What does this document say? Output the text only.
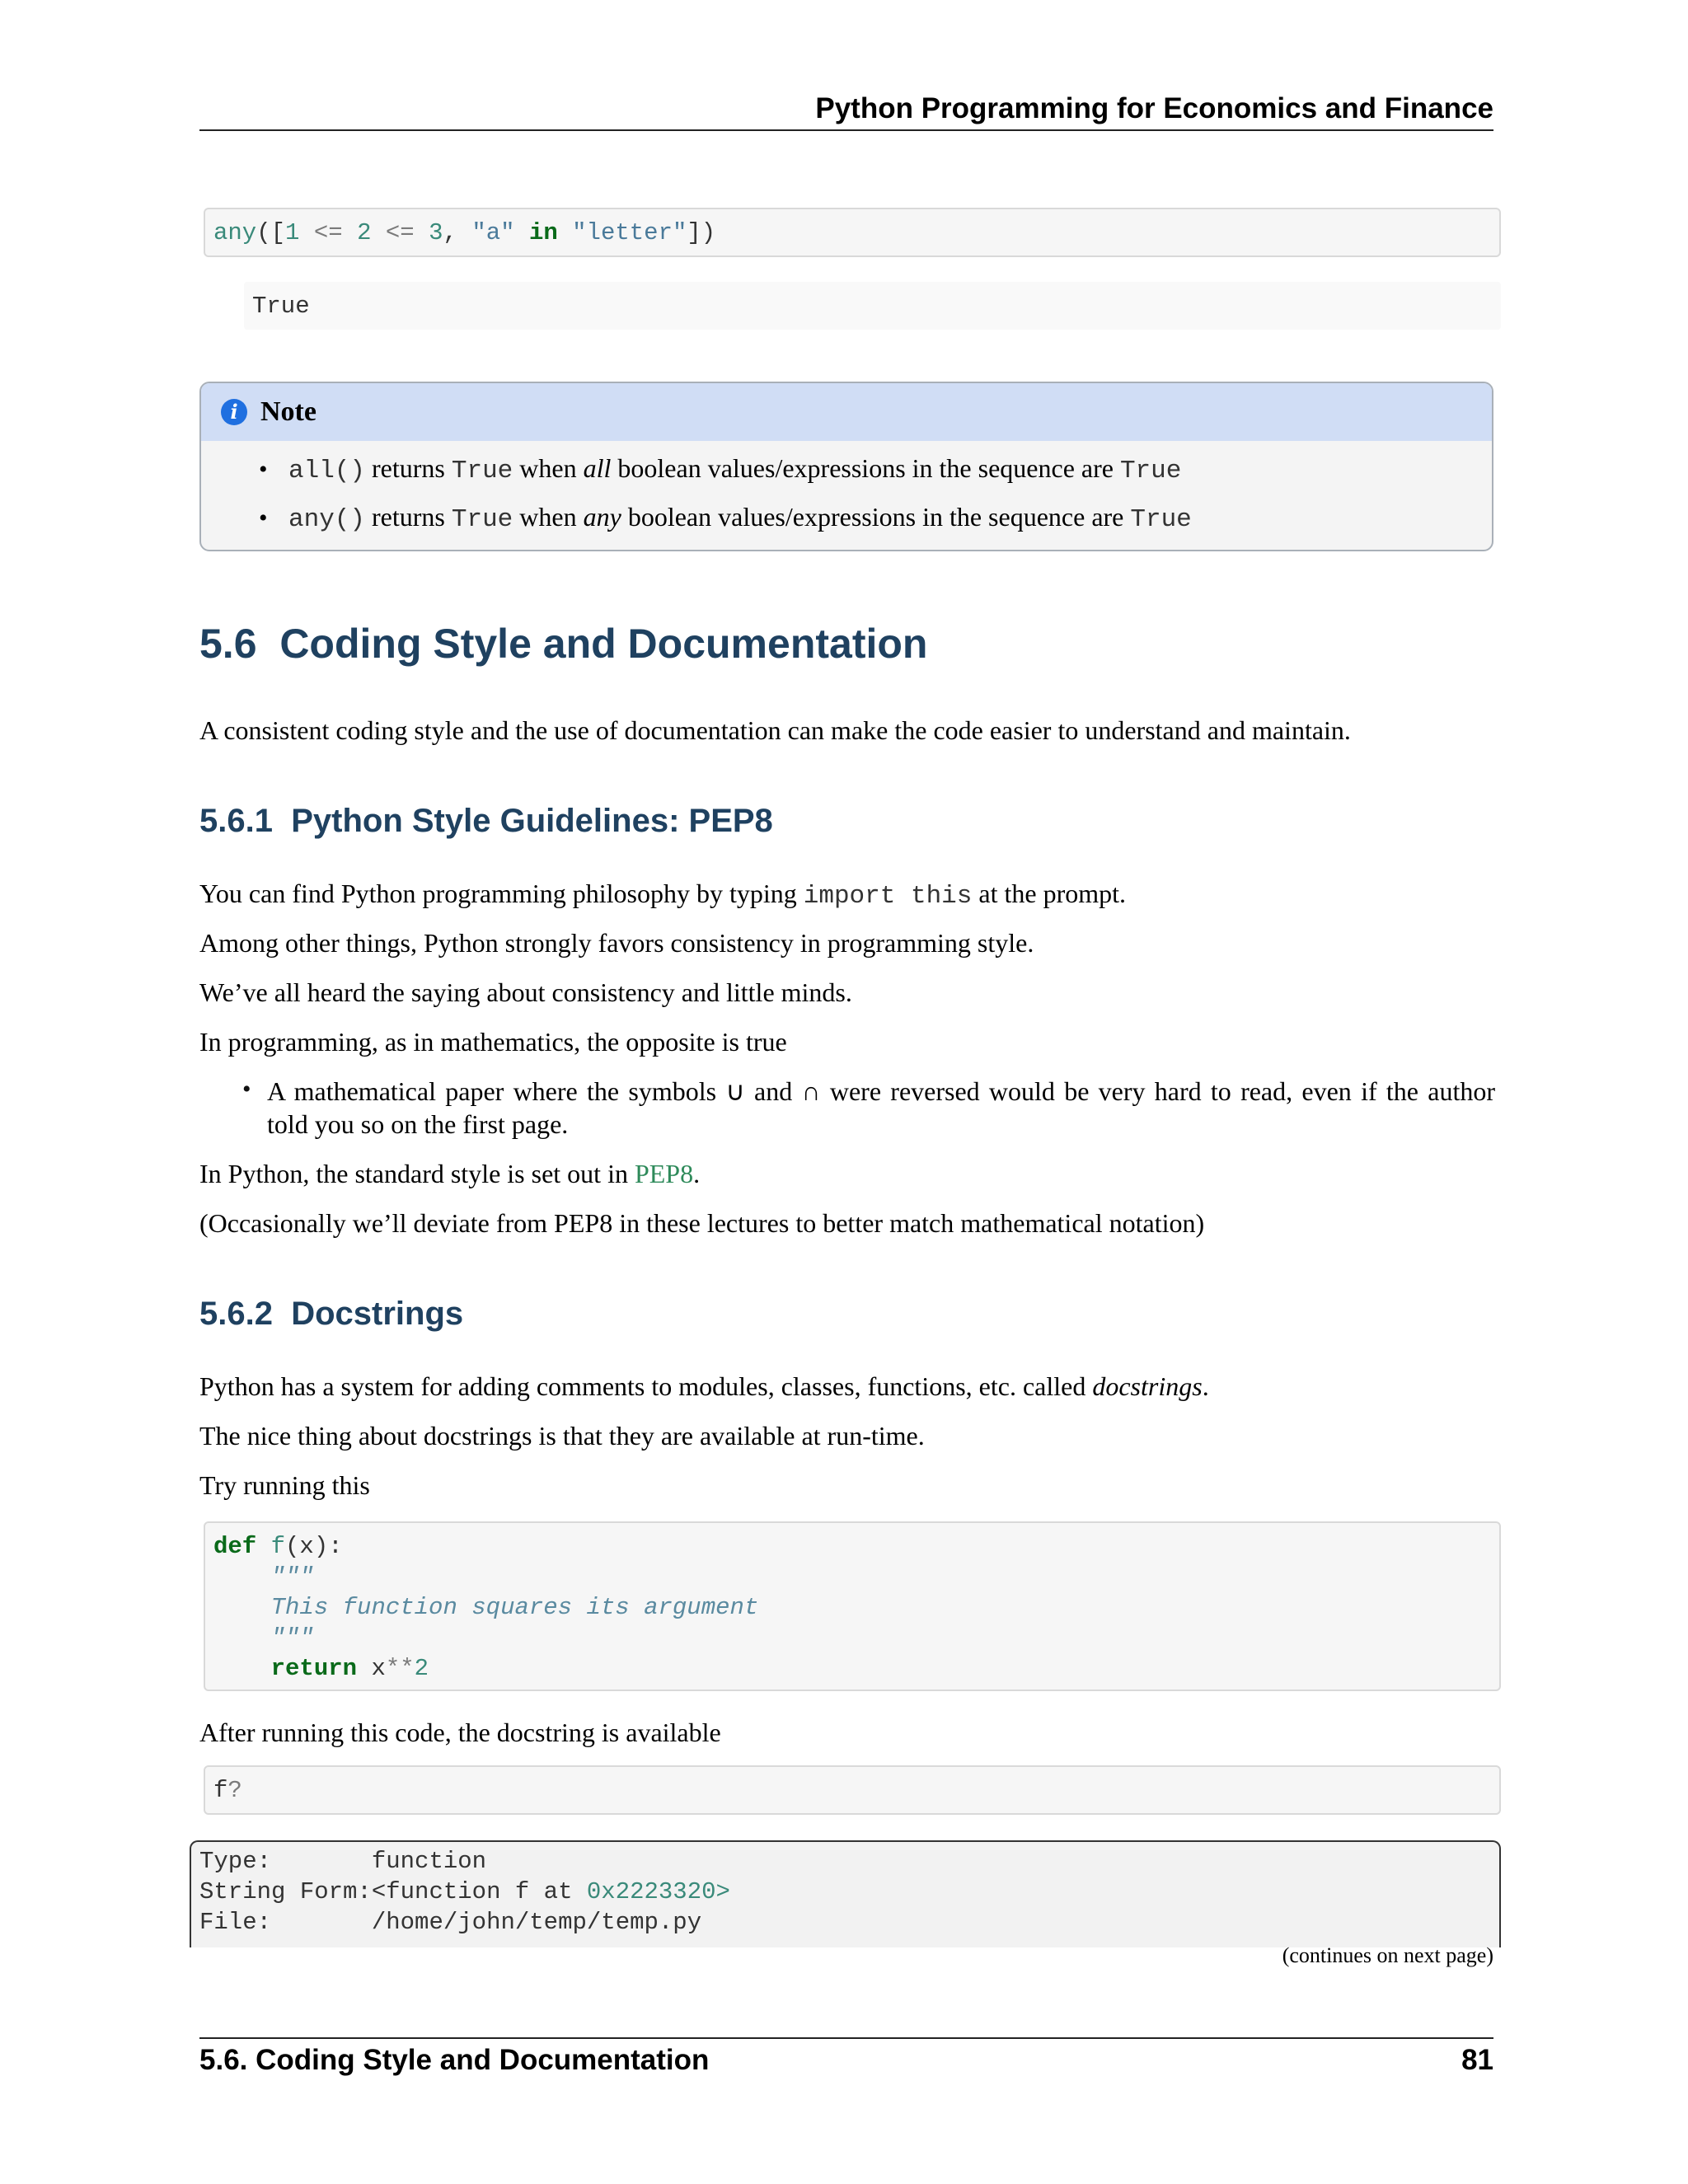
Python Programming for Economics and Finance
any([1 <= 2 <= 3, "a" in "letter"])
True
i Note
• all() returns True when all boolean values/expressions in the sequence are True
• any() returns True when any boolean values/expressions in the sequence are True
5.6 Coding Style and Documentation

A consistent coding style and the use of documentation can make the code easier to understand and maintain.

5.6.1 Python Style Guidelines: PEP8

You can find Python programming philosophy by typing import this at the prompt.

Among other things, Python strongly favors consistency in programming style.

We’ve all heard the saying about consistency and little minds.

In programming, as in mathematics, the opposite is true

• A mathematical paper where the symbols ∪ and ∩ were reversed would be very hard to read, even if the author

told you so on the first page.

In Python, the standard style is set out in PEP8.

(Occasionally we’ll deviate from PEP8 in these lectures to better match mathematical notation)

5.6.2 Docstrings

Python has a system for adding comments to modules, classes, functions, etc. called docstrings.

The nice thing about docstrings is that they are available at run-time.

Try running this

def f(x):
"""
This function squares its argument
"""
return x**2

After running this code, the docstring is available

f?
Type:	function
String Form:<function f at 0x2223320>
File:	/home/john/temp/temp.py
(continues on next page)
5.6. Coding Style and Documentation	81
